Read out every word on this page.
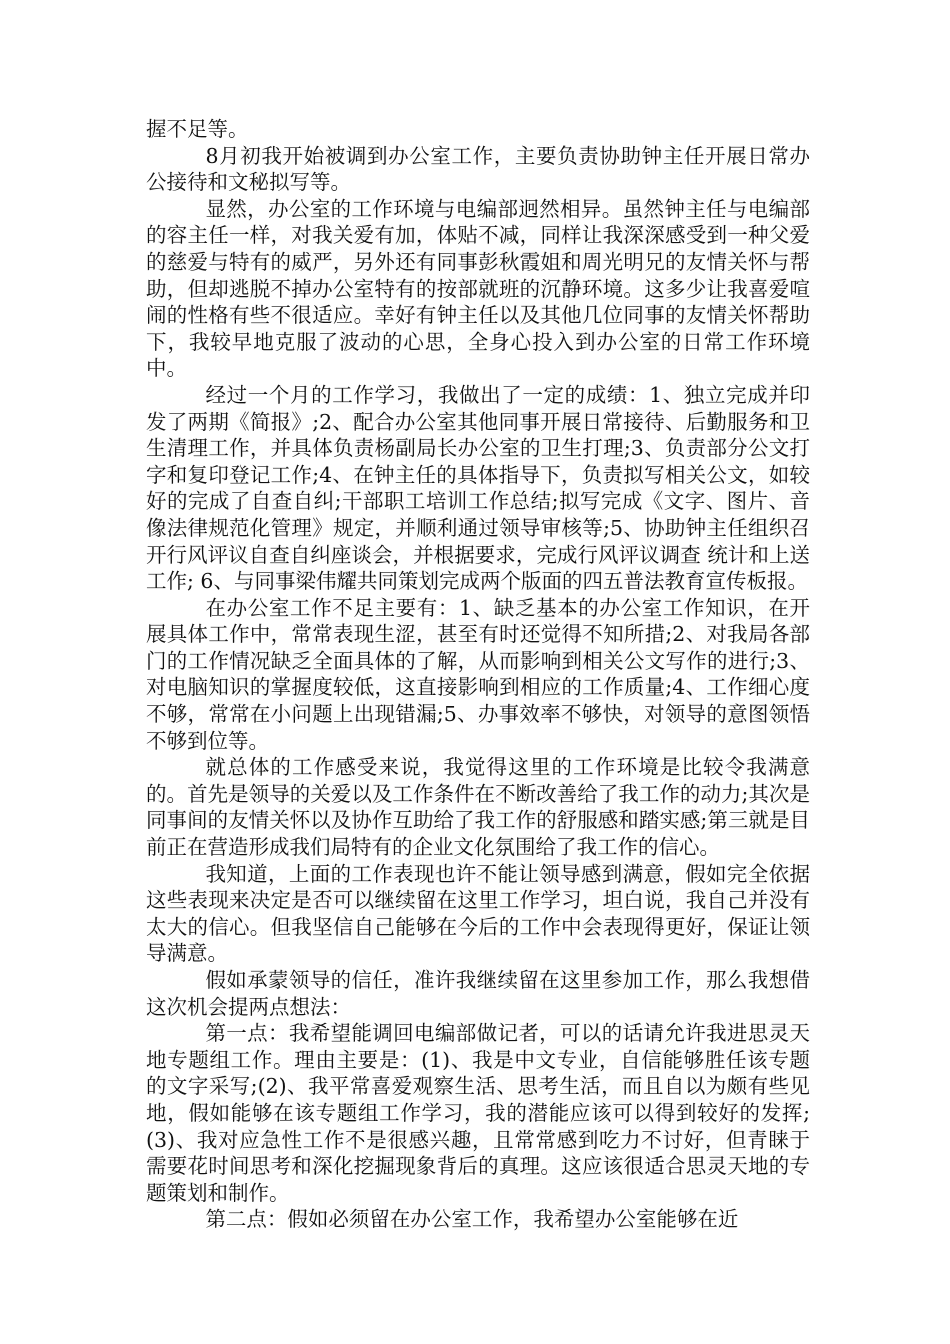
握不足等。

8月初我开始被调到办公室工作，主要负责协助钟主任开展日常办公接待和文秘拟写等。

显然，办公室的工作环境与电编部迥然相异。虽然钟主任与电编部的容主任一样，对我关爱有加，体贴不减，同样让我深深感受到一种父爱的慈爱与特有的威严，另外还有同事彭秋霞姐和周光明兄的友情关怀与帮助，但却逃脱不掉办公室特有的按部就班的沉静环境。这多少让我喜爱喧闹的性格有些不很适应。幸好有钟主任以及其他几位同事的友情关怀帮助下，我较早地克服了波动的心思，全身心投入到办公室的日常工作环境中。

经过一个月的工作学习，我做出了一定的成绩：1、独立完成并印发了两期《简报》;2、配合办公室其他同事开展日常接待、后勤服务和卫生清理工作，并具体负责杨副局长办公室的卫生打理;3、负责部分公文打字和复印登记工作;4、在钟主任的具体指导下，负责拟写相关公文，如较好的完成了自查自纠;干部职工培训工作总结;拟写完成《文字、图片、音像法律规范化管理》规定，并顺利通过领导审核等;5、协助钟主任组织召开行风评议自查自纠座谈会，并根据要求，完成行风评议调查 统计和上送工作; 6、与同事梁伟耀共同策划完成两个版面的四五普法教育宣传板报。

在办公室工作不足主要有：1、缺乏基本的办公室工作知识，在开展具体工作中，常常表现生涩，甚至有时还觉得不知所措;2、对我局各部门的工作情况缺乏全面具体的了解，从而影响到相关公文写作的进行;3、对电脑知识的掌握度较低，这直接影响到相应的工作质量;4、工作细心度不够，常常在小问题上出现错漏;5、办事效率不够快，对领导的意图领悟不够到位等。

就总体的工作感受来说，我觉得这里的工作环境是比较令我满意的。首先是领导的关爱以及工作条件在不断改善给了我工作的动力;其次是同事间的友情关怀以及协作互助给了我工作的舒服感和踏实感;第三就是目前正在营造形成我们局特有的企业文化氛围给了我工作的信心。

我知道，上面的工作表现也许不能让领导感到满意，假如完全依据这些表现来决定是否可以继续留在这里工作学习，坦白说，我自己并没有太大的信心。但我坚信自己能够在今后的工作中会表现得更好，保证让领导满意。

假如承蒙领导的信任，准许我继续留在这里参加工作，那么我想借这次机会提两点想法：

第一点：我希望能调回电编部做记者，可以的话请允许我进思灵天地专题组工作。理由主要是：(1)、我是中文专业，自信能够胜任该专题的文字采写;(2)、我平常喜爱观察生活、思考生活，而且自以为颇有些见地，假如能够在该专题组工作学习，我的潜能应该可以得到较好的发挥;(3)、我对应急性工作不是很感兴趣，且常常感到吃力不讨好，但青睐于需要花时间思考和深化挖掘现象背后的真理。这应该很适合思灵天地的专题策划和制作。

第二点：假如必须留在办公室工作，我希望办公室能够在近
